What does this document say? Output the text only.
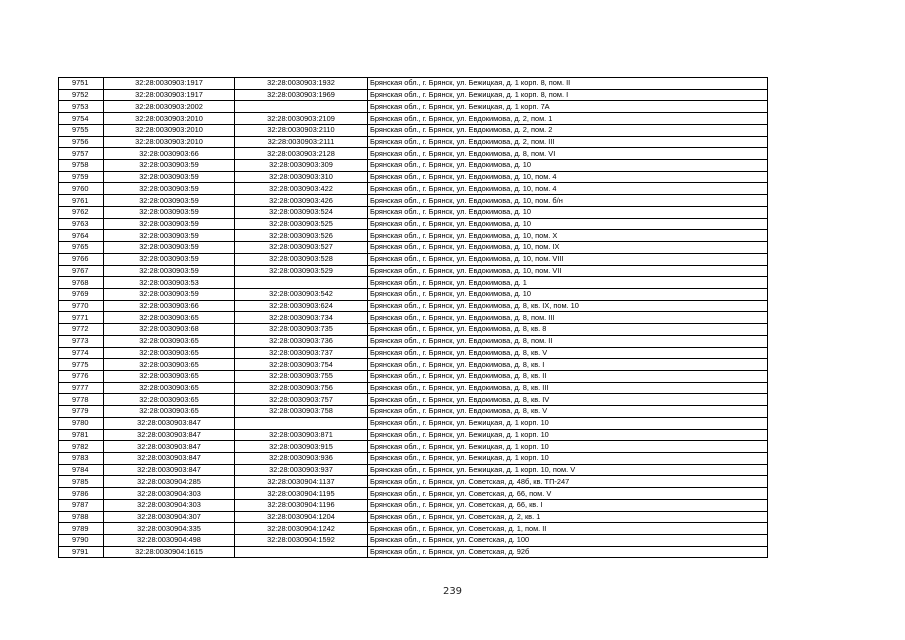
9751	32:28:0030903:1917	32:28:0030903:1932	Брянская обл., г. Брянск, ул. Бежицкая, д. 1 корп. 8, пом. II
9752	32:28:0030903:1917	32:28:0030903:1969	Брянская обл., г. Брянск, ул. Бежицкая, д. 1 корп. 8, пом. I
9753	32:28:0030903:2002		Брянская обл., г. Брянск, ул. Бежицкая, д. 1 корп. 7А
9754	32:28:0030903:2010	32:28:0030903:2109	Брянская обл., г. Брянск, ул. Евдокимова, д. 2, пом. 1
9755	32:28:0030903:2010	32:28:0030903:2110	Брянская обл., г. Брянск, ул. Евдокимова, д. 2, пом. 2
9756	32:28:0030903:2010	32:28:0030903:2111	Брянская обл., г. Брянск, ул. Евдокимова, д. 2, пом. III
9757	32:28:0030903:66	32:28:0030903:2128	Брянская обл., г. Брянск, ул. Евдокимова, д. 8, пом. VI
9758	32:28:0030903:59	32:28:0030903:309	Брянская обл., г. Брянск, ул. Евдокимова, д. 10
9759	32:28:0030903:59	32:28:0030903:310	Брянская обл., г. Брянск, ул. Евдокимова, д. 10, пом. 4
9760	32:28:0030903:59	32:28:0030903:422	Брянская обл., г. Брянск, ул. Евдокимова, д. 10, пом. 4
9761	32:28:0030903:59	32:28:0030903:426	Брянская обл., г. Брянск, ул. Евдокимова, д. 10, пом. б/н
9762	32:28:0030903:59	32:28:0030903:524	Брянская обл., г. Брянск, ул. Евдокимова, д. 10
9763	32:28:0030903:59	32:28:0030903:525	Брянская обл., г. Брянск, ул. Евдокимова, д. 10
9764	32:28:0030903:59	32:28:0030903:526	Брянская обл., г. Брянск, ул. Евдокимова, д. 10, пом. X
9765	32:28:0030903:59	32:28:0030903:527	Брянская обл., г. Брянск, ул. Евдокимова, д. 10, пом. IX
9766	32:28:0030903:59	32:28:0030903:528	Брянская обл., г. Брянск, ул. Евдокимова, д. 10, пом. VIII
9767	32:28:0030903:59	32:28:0030903:529	Брянская обл., г. Брянск, ул. Евдокимова, д. 10, пом. VII
9768	32:28:0030903:53		Брянская обл., г. Брянск, ул. Евдокимова, д. 1
9769	32:28:0030903:59	32:28:0030903:542	Брянская обл., г. Брянск, ул. Евдокимова, д. 10
9770	32:28:0030903:66	32:28:0030903:624	Брянская обл., г. Брянск, ул. Евдокимова, д. 8, кв. IX, пом. 10
9771	32:28:0030903:65	32:28:0030903:734	Брянская обл., г. Брянск, ул. Евдокимова, д. 8, пом. III
9772	32:28:0030903:68	32:28:0030903:735	Брянская обл., г. Брянск, ул. Евдокимова, д. 8, кв. 8
9773	32:28:0030903:65	32:28:0030903:736	Брянская обл., г. Брянск, ул. Евдокимова, д. 8, пом. II
9774	32:28:0030903:65	32:28:0030903:737	Брянская обл., г. Брянск, ул. Евдокимова, д. 8, кв. V
9775	32:28:0030903:65	32:28:0030903:754	Брянская обл., г. Брянск, ул. Евдокимова, д. 8, кв. I
9776	32:28:0030903:65	32:28:0030903:755	Брянская обл., г. Брянск, ул. Евдокимова, д. 8, кв. II
9777	32:28:0030903:65	32:28:0030903:756	Брянская обл., г. Брянск, ул. Евдокимова, д. 8, кв. III
9778	32:28:0030903:65	32:28:0030903:757	Брянская обл., г. Брянск, ул. Евдокимова, д. 8, кв. IV
9779	32:28:0030903:65	32:28:0030903:758	Брянская обл., г. Брянск, ул. Евдокимова, д. 8, кв. V
9780	32:28:0030903:847		Брянская обл., г. Брянск, ул. Бежицкая, д. 1 корп. 10
9781	32:28:0030903:847	32:28:0030903:871	Брянская обл., г. Брянск, ул. Бежицкая, д. 1 корп. 10
9782	32:28:0030903:847	32:28:0030903:915	Брянская обл., г. Брянск, ул. Бежицкая, д. 1 корп. 10
9783	32:28:0030903:847	32:28:0030903:936	Брянская обл., г. Брянск, ул. Бежицкая, д. 1 корп. 10
9784	32:28:0030903:847	32:28:0030903:937	Брянская обл., г. Брянск, ул. Бежицкая, д. 1 корп. 10, пом. V
9785	32:28:0030904:285	32:28:0030904:1137	Брянская обл., г. Брянск, ул. Советская, д. 48б, кв. ТП-247
9786	32:28:0030904:303	32:28:0030904:1195	Брянская обл., г. Брянск, ул. Советская, д. 66, пом. V
9787	32:28:0030904:303	32:28:0030904:1196	Брянская обл., г. Брянск, ул. Советская, д. 66, кв. I
9788	32:28:0030904:307	32:28:0030904:1204	Брянская обл., г. Брянск, ул. Советская, д. 2, кв. 1
9789	32:28:0030904:335	32:28:0030904:1242	Брянская обл., г. Брянск, ул. Советская, д. 1, пом. II
9790	32:28:0030904:498	32:28:0030904:1592	Брянская обл., г. Брянск, ул. Советская, д. 100
9791	32:28:0030904:1615		Брянская обл., г. Брянск, ул. Советская, д. 92б
239
